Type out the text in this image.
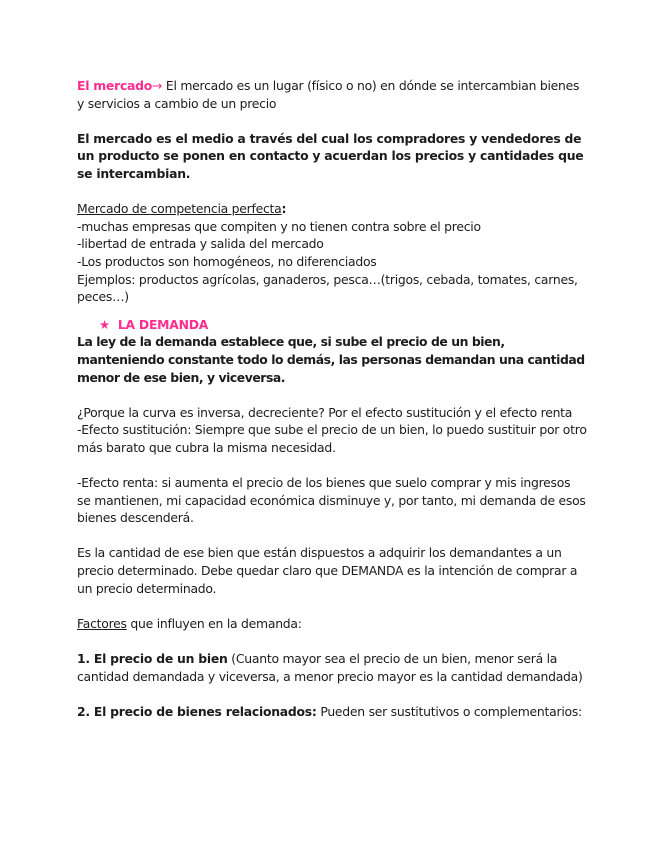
El mercado→ El mercado es un lugar (físico o no) en dónde se intercambian bienes y servicios a cambio de un precio

El mercado es el medio a través del cual los compradores y vendedores de un producto se ponen en contacto y acuerdan los precios y cantidades que se intercambian.

Mercado de competencia perfecta:

-muchas empresas que compiten y no tienen contra sobre el precio

-libertad de entrada y salida del mercado

-Los productos son homogéneos, no diferenciados

Ejemplos: productos agrícolas, ganaderos, pesca…(trigos, cebada, tomates, carnes, peces…)

★ LA DEMANDA

La ley de la demanda establece que, si sube el precio de un bien, manteniendo constante todo lo demás, las personas demandan una cantidad menor de ese bien, y viceversa.

¿Porque la curva es inversa, decreciente? Por el efecto sustitución y el efecto renta

-Efecto sustitución: Siempre que sube el precio de un bien, lo puedo sustituir por otro más barato que cubra la misma necesidad.

-Efecto renta: si aumenta el precio de los bienes que suelo comprar y mis ingresos se mantienen, mi capacidad económica disminuye y, por tanto, mi demanda de esos bienes descenderá.

Es la cantidad de ese bien que están dispuestos a adquirir los demandantes a un precio determinado. Debe quedar claro que DEMANDA es la intención de comprar a un precio determinado.

Factores que influyen en la demanda:

1. El precio de un bien (Cuanto mayor sea el precio de un bien, menor será la cantidad demandada y viceversa, a menor precio mayor es la cantidad demandada)

2. El precio de bienes relacionados: Pueden ser sustitutivos o complementarios:
